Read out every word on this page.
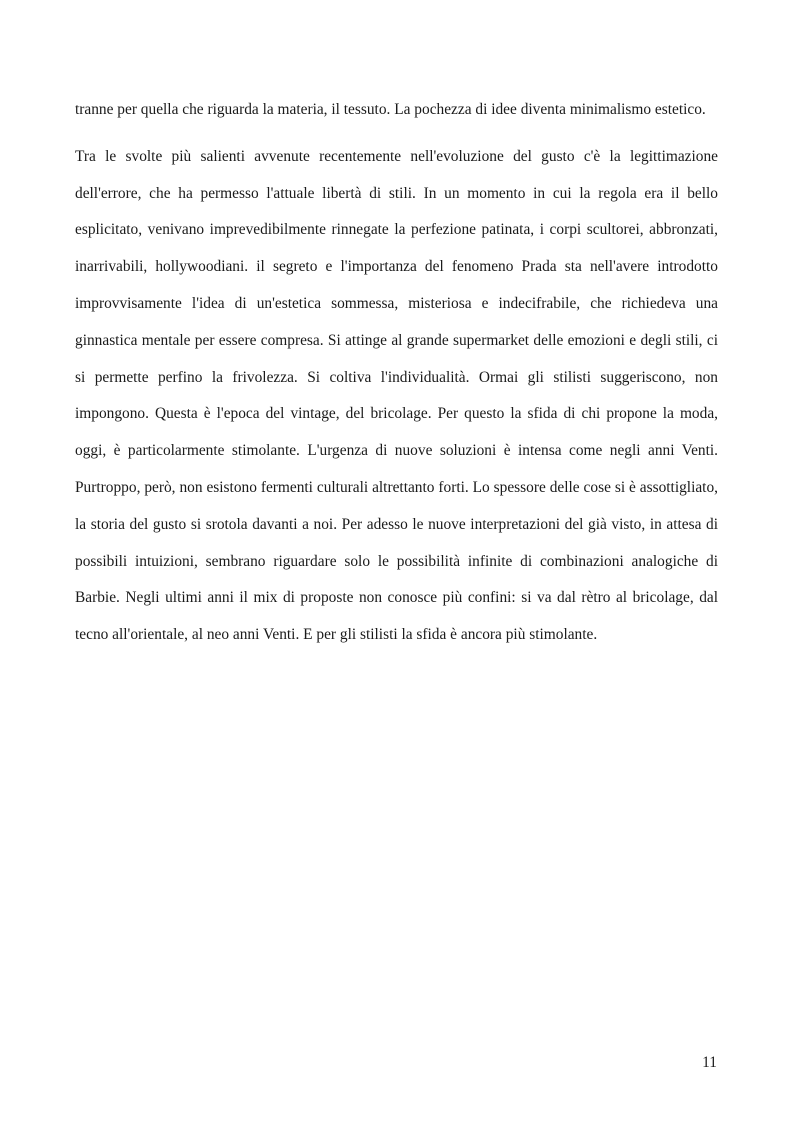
tranne per quella che riguarda la materia, il tessuto. La pochezza di idee diventa minimalismo estetico.

Tra le svolte più salienti avvenute recentemente nell'evoluzione del gusto c'è la legittimazione dell'errore, che ha permesso l'attuale libertà di stili. In un momento in cui la regola era il bello esplicitato, venivano imprevedibilmente rinnegate la perfezione patinata, i corpi scultorei, abbronzati, inarrivabili, hollywoodiani. il segreto e l'importanza del fenomeno Prada sta nell'avere introdotto improvvisamente l'idea di un'estetica sommessa, misteriosa e indecifrabile, che richiedeva una ginnastica mentale per essere compresa. Si attinge al grande supermarket delle emozioni e degli stili, ci si permette perfino la frivolezza. Si coltiva l'individualità. Ormai gli stilisti suggeriscono, non impongono. Questa è l'epoca del vintage, del bricolage. Per questo la sfida di chi propone la moda, oggi, è particolarmente stimolante. L'urgenza di nuove soluzioni è intensa come negli anni Venti. Purtroppo, però, non esistono fermenti culturali altrettanto forti. Lo spessore delle cose si è assottigliato, la storia del gusto si srotola davanti a noi. Per adesso le nuove interpretazioni del già visto, in attesa di possibili intuizioni, sembrano riguardare solo le possibilità infinite di combinazioni analogiche di Barbie. Negli ultimi anni il mix di proposte non conosce più confini: si va dal rètro al bricolage, dal tecno all'orientale, al neo anni Venti. E per gli stilisti la sfida è ancora più stimolante.

11
